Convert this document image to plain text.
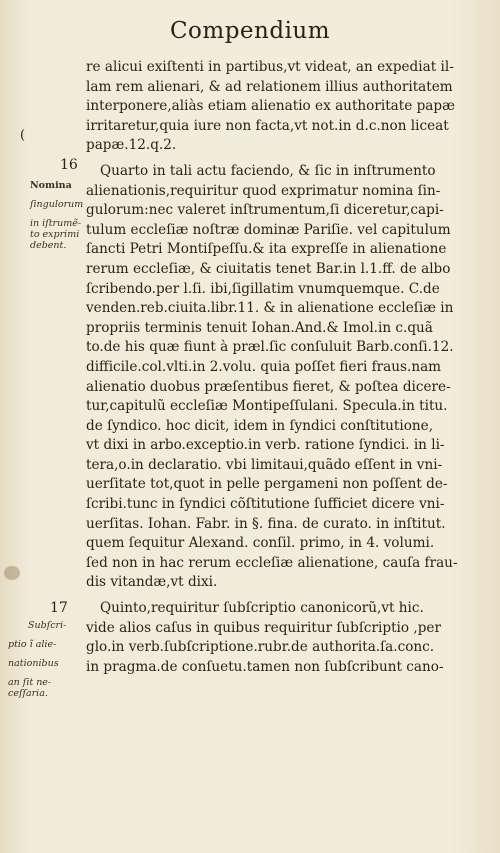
Compendium
(
16
17
Nomina
ſingulorum
in iſtrumẽ-
to exprimi
debent.
Subſcri-
ptio ĩ alie-
nationibus
an ſit ne-
ceſſaria.
re alicui exiſtenti in partibus,vt videat, an expediat il-
lam rem alienari, & ad relationem illius authoritatem
interponere,aliàs etiam alienatio ex authoritate papæ
irritaretur,quia iure non facta,vt not.in d.c.non liceat
papæ.12.q.2.
Quarto in tali actu faciendo, & ſic in inſtrumento
alienationis,requiritur quod exprimatur nomina ſin-
gulorum:nec valeret inſtrumentum,ſi diceretur,capi-
tulum eccleſiæ noſtræ dominæ Pariſie. vel capitulum
ſancti Petri Montiſpeſſu.& ita expreſſe in alienatione
rerum eccleſiæ, & ciuitatis tenet Bar.in l.1.ff. de albo
ſcribendo.per l.ſi. ibi,ſigillatim vnumquemque. C.de
venden.reb.ciuita.libr.11. & in alienatione eccleſiæ in
propriis terminis tenuit Iohan.And.& Imol.in c.quã
to.de his quæ fiunt à præl.ſic conſuluit Barb.conſi.12.
difficile.col.vlti.in 2.volu. quia poſſet fieri fraus.nam
alienatio duobus præſentibus fieret, & poſtea dicere-
tur,capitulũ eccleſiæ Montipeſſulani. Specula.in titu.
de ſyndico. hoc dicit, idem in ſyndici conſtitutione,
vt dixi in arbo.exceptio.in verb. ratione ſyndici. in li-
tera,o.in declaratio. vbi limitaui,quãdo eſſent in vni-
uerſitate tot,quot in pelle pergameni non poſſent de-
ſcribi.tunc in ſyndici cõſtitutione ſufficiet dicere vni-
uerſitas. Iohan. Fabr. in §. fina. de curato. in inſtitut.
quem ſequitur Alexand. conſil. primo, in 4. volumi.
ſed non in hac rerum eccleſiæ alienatione, cauſa frau-
dis vitandæ,vt dixi.
Quinto,requiritur ſubſcriptio canonicorũ,vt hic.
vide alios caſus in quibus requiritur ſubſcriptio ,per
glo.in verb.ſubſcriptione.rubr.de authorita.ſa.conc.
in pragma.de conſuetu.tamen non ſubſcribunt cano-
